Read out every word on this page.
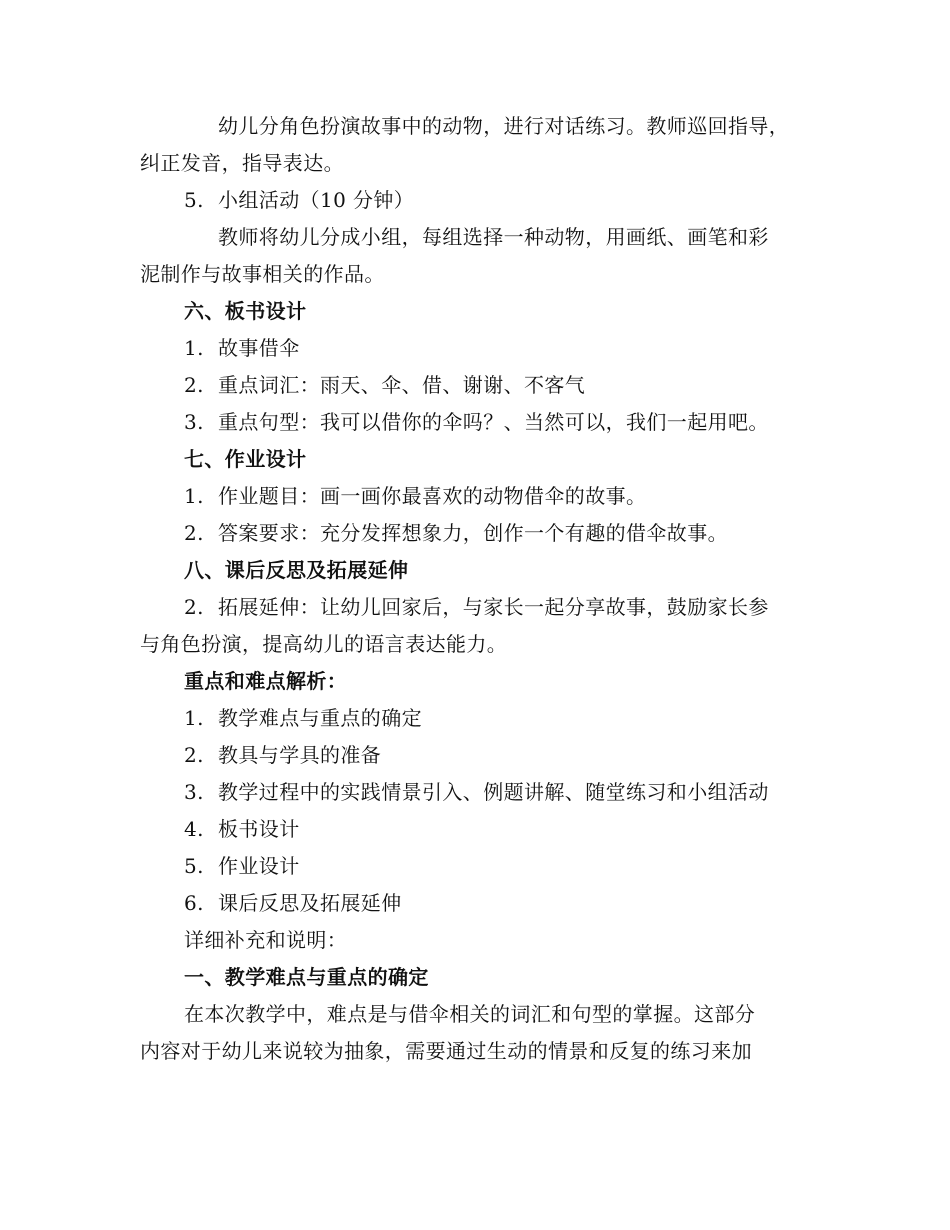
幼儿分角色扮演故事中的动物，进行对话练习。教师巡回指导，
纠正发音，指导表达。
5. 小组活动（10 分钟）
教师将幼儿分成小组，每组选择一种动物，用画纸、画笔和彩
泥制作与故事相关的作品。
六、板书设计
1. 故事借伞
2. 重点词汇：雨天、伞、借、谢谢、不客气
3. 重点句型：我可以借你的伞吗？、当然可以，我们一起用吧。
七、作业设计
1. 作业题目：画一画你最喜欢的动物借伞的故事。
2. 答案要求：充分发挥想象力，创作一个有趣的借伞故事。
八、课后反思及拓展延伸
2. 拓展延伸：让幼儿回家后，与家长一起分享故事，鼓励家长参
与角色扮演，提高幼儿的语言表达能力。
重点和难点解析：
1. 教学难点与重点的确定
2. 教具与学具的准备
3. 教学过程中的实践情景引入、例题讲解、随堂练习和小组活动
4. 板书设计
5. 作业设计
6. 课后反思及拓展延伸
详细补充和说明：
一、教学难点与重点的确定
在本次教学中，难点是与借伞相关的词汇和句型的掌握。这部分
内容对于幼儿来说较为抽象，需要通过生动的情景和反复的练习来加
